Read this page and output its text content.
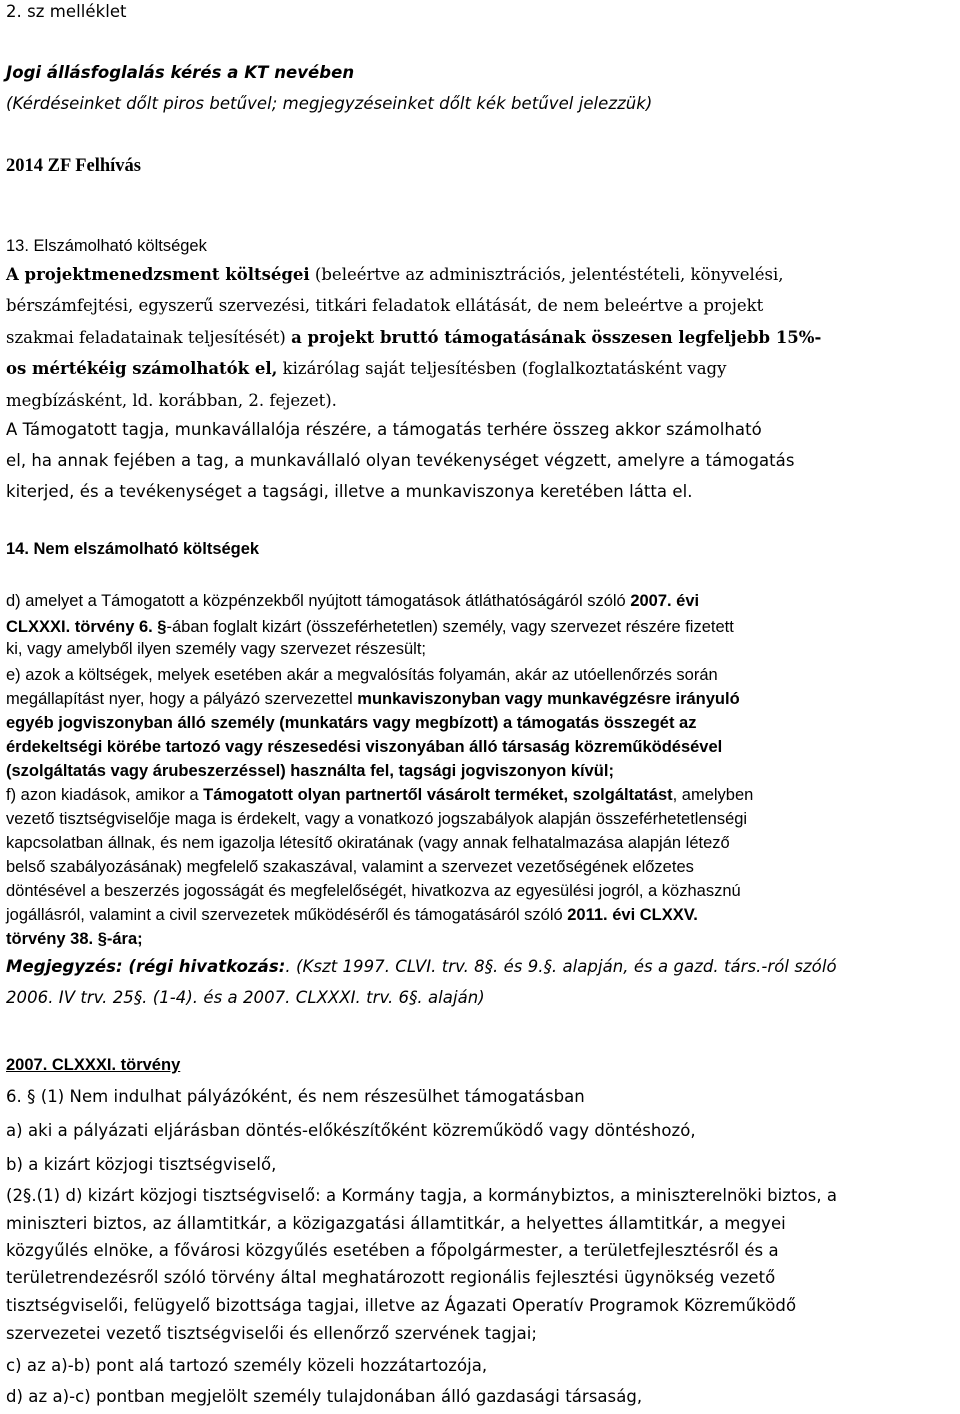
2. sz melléklet
Jogi állásfoglalás kérés a KT nevében
(Kérdéseinket dőlt piros betűvel; megjegyzéseinket dőlt kék betűvel jelezzük)
2014 ZF Felhívás
13. Elszámolható költségek
A projektmenedzsment költségei (beleértve az adminisztrációs, jelentéstételi, könyvelési,
bérszámfejtési, egyszerű szervezési, titkári feladatok ellátását, de nem beleértve a projekt
szakmai feladatainak teljesítését) a projekt bruttó támogatásának összesen legfeljebb 15%-
os mértékéig számolhatók el, kizárólag saját teljesítésben (foglalkoztatásként vagy
megbízásként, ld. korábban, 2. fejezet).
A Támogatott tagja, munkavállalója részére, a támogatás terhére összeg akkor számolható
el, ha annak fejében a tag, a munkavállaló olyan tevékenységet végzett, amelyre a támogatás
kiterjed, és a tevékenységet a tagsági, illetve a munkaviszonya keretében látta el.
14. Nem elszámolható költségek
d) amelyet a Támogatott a közpénzekből nyújtott támogatások átláthatóságáról szóló 2007. évi
CLXXXI. törvény 6. §-ában foglalt kizárt (összeférhetetlen) személy, vagy szervezet részére fizetett
ki, vagy amelyből ilyen személy vagy szervezet részesült;
e) azok a költségek, melyek esetében akár a megvalósítás folyamán, akár az utóellenőrzés során
megállapítást nyer, hogy a pályázó szervezettel munkaviszonyban vagy munkavégzésre irányuló
egyéb jogviszonyban álló személy (munkatárs vagy megbízott) a támogatás összegét az
érdekeltségi körébe tartozó vagy részesedési viszonyában álló társaság közreműködésével
(szolgáltatás vagy árubeszerzéssel) használta fel, tagsági jogviszonyon kívül;
f) azon kiadások, amikor a Támogatott olyan partnertől vásárolt terméket, szolgáltatást, amelyben
vezető tisztségviselője maga is érdekelt, vagy a vonatkozó jogszabályok alapján összeférhetetlenségi
kapcsolatban állnak, és nem igazolja létesítő okiratának (vagy annak felhatalmazása alapján létező
belső szabályozásának) megfelelő szakaszával, valamint a szervezet vezetőségének előzetes
döntésével a beszerzés jogosságát és megfelelőségét, hivatkozva az egyesülési jogról, a közhasznú
jogállásról, valamint a civil szervezetek működéséről és támogatásáról szóló 2011. évi CLXXV.
törvény 38. §-ára;
Megjegyzés: (régi hivatkozás:. (Kszt 1997. CLVI. trv. 8§. és 9.§. alapján, és a gazd. társ.-ról szóló
2006. IV trv. 25§. (1-4). és a 2007. CLXXXI. trv. 6§. alaján)
2007. CLXXXI. törvény
6. § (1) Nem indulhat pályázóként, és nem részesülhet támogatásban
a) aki a pályázati eljárásban döntés-előkészítőként közreműködő vagy döntéshozó,
b) a kizárt közjogi tisztségviselő,
(2§.(1) d) kizárt közjogi tisztségviselő: a Kormány tagja, a kormánybiztos, a miniszterelnöki biztos, a
miniszteri biztos, az államtitkár, a közigazgatási államtitkár, a helyettes államtitkár, a megyei
közgyűlés elnöke, a fővárosi közgyűlés esetében a főpolgármester, a területfejlesztésről és a
területrendezésről szóló törvény által meghatározott regionális fejlesztési ügynökség vezető
tisztségviselői, felügyelő bizottsága tagjai, illetve az Ágazati Operatív Programok Közreműködő
szervezetei vezető tisztségviselői és ellenőrző szervének tagjai;
c) az a)-b) pont alá tartozó személy közeli hozzátartozója,
d) az a)-c) pontban megjelölt személy tulajdonában álló gazdasági társaság,
